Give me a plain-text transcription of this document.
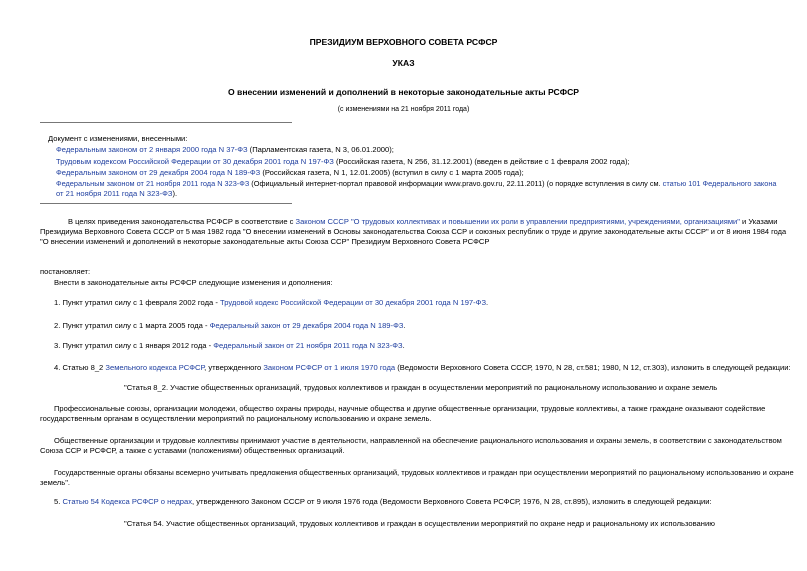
ПРЕЗИДИУМ ВЕРХОВНОГО СОВЕТА РСФСР
УКАЗ
О внесении изменений и дополнений в некоторые законодательные акты РСФСР
(с изменениями на 21 ноября 2011 года)
Документ с изменениями, внесенными:
Федеральным законом от 2 января 2000 года N 37-ФЗ (Парламентская газета, N 3, 06.01.2000);
Трудовым кодексом Российской Федерации от 30 декабря 2001 года N 197-ФЗ (Российская газета, N 256, 31.12.2001) (введен в действие с 1 февраля 2002 года);
Федеральным законом от 29 декабря 2004 года N 189-ФЗ (Российская газета, N 1, 12.01.2005) (вступил в силу с 1 марта 2005 года);
Федеральным законом от 21 ноября 2011 года N 323-ФЗ (Официальный интернет-портал правовой информации www.pravo.gov.ru, 22.11.2011) (о порядке вступления в силу см. статью 101 Федерального закона
от 21 ноября 2011 года N 323-ФЗ).
В целях приведения законодательства РСФСР в соответствие с Законом СССР "О трудовых коллективах и повышении их роли в управлении предприятиями, учреждениями, организациями" и Указами
Президиума Верховного Совета СССР от 5 мая 1982 года "О внесении изменений в Основы законодательства Союза ССР и союзных республик о труде и другие законодательные акты СССР" и от 8 июня 1984 года
"О внесении изменений и дополнений в некоторые законодательные акты Союза ССР" Президиум Верховного Совета РСФСР
постановляет:
Внести в законодательные акты РСФСР следующие изменения и дополнения:
1. Пункт утратил силу с 1 февраля 2002 года - Трудовой кодекс Российской Федерации от 30 декабря 2001 года N 197-ФЗ.
2. Пункт утратил силу с 1 марта 2005 года - Федеральный закон от 29 декабря 2004 года N 189-ФЗ.
3. Пункт утратил силу с 1 января 2012 года - Федеральный закон от 21 ноября 2011 года N 323-ФЗ.
4. Статью 8_2 Земельного кодекса РСФСР, утвержденного Законом РСФСР от 1 июля 1970 года (Ведомости Верховного Совета СССР, 1970, N 28, ст.581; 1980, N 12, ст.303), изложить в следующей редакции:
"Статья 8_2. Участие общественных организаций, трудовых коллективов и граждан в осуществлении мероприятий по рациональному использованию и охране земель
Профессиональные союзы, организации молодежи, общество охраны природы, научные общества и другие общественные организации, трудовые коллективы, а также граждане оказывают содействие
государственным органам в осуществлении мероприятий по рациональному использованию и охране земель.
Общественные организации и трудовые коллективы принимают участие в деятельности, направленной на обеспечение рационального использования и охраны земель, в соответствии с законодательством
Союза ССР и РСФСР, а также с уставами (положениями) общественных организаций.
Государственные органы обязаны всемерно учитывать предложения общественных организаций, трудовых коллективов и граждан при осуществлении мероприятий по рациональному использованию и охране
земель".
5. Статью 54 Кодекса РСФСР о недрах, утвержденного Законом СССР от 9 июля 1976 года (Ведомости Верховного Совета РСФСР, 1976, N 28, ст.895), изложить в следующей редакции:
"Статья 54. Участие общественных организаций, трудовых коллективов и граждан в осуществлении мероприятий по охране недр и рациональному их использованию
